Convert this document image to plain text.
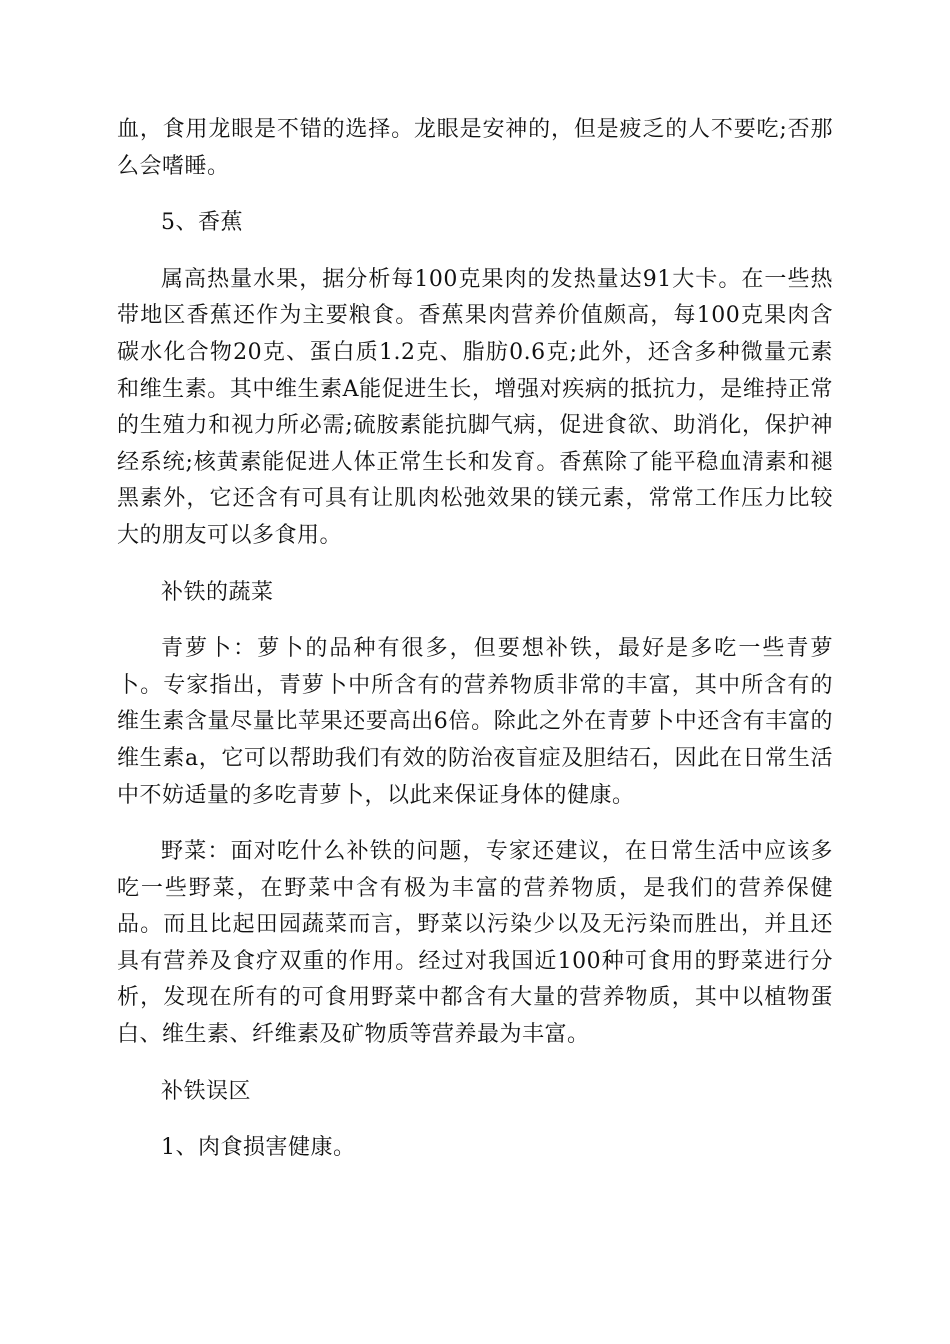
血，食用龙眼是不错的选择。龙眼是安神的，但是疲乏的人不要吃;否那么会嗜睡。

5、香蕉

属高热量水果，据分析每100克果肉的发热量达91大卡。在一些热带地区香蕉还作为主要粮食。香蕉果肉营养价值颇高，每100克果肉含碳水化合物20克、蛋白质1.2克、脂肪0.6克;此外，还含多种微量元素和维生素。其中维生素A能促进生长，增强对疾病的抵抗力，是维持正常的生殖力和视力所必需;硫胺素能抗脚气病，促进食欲、助消化，保护神经系统;核黄素能促进人体正常生长和发育。香蕉除了能平稳血清素和褪黑素外，它还含有可具有让肌肉松弛效果的镁元素，常常工作压力比较大的朋友可以多食用。

补铁的蔬菜

青萝卜：萝卜的品种有很多，但要想补铁，最好是多吃一些青萝卜。专家指出，青萝卜中所含有的营养物质非常的丰富，其中所含有的维生素含量尽量比苹果还要高出6倍。除此之外在青萝卜中还含有丰富的维生素a，它可以帮助我们有效的防治夜盲症及胆结石，因此在日常生活中不妨适量的多吃青萝卜，以此来保证身体的健康。

野菜：面对吃什么补铁的问题，专家还建议，在日常生活中应该多吃一些野菜，在野菜中含有极为丰富的营养物质，是我们的营养保健品。而且比起田园蔬菜而言，野菜以污染少以及无污染而胜出，并且还具有营养及食疗双重的作用。经过对我国近100种可食用的野菜进行分析，发现在所有的可食用野菜中都含有大量的营养物质，其中以植物蛋白、维生素、纤维素及矿物质等营养最为丰富。

补铁误区

1、肉食损害健康。
